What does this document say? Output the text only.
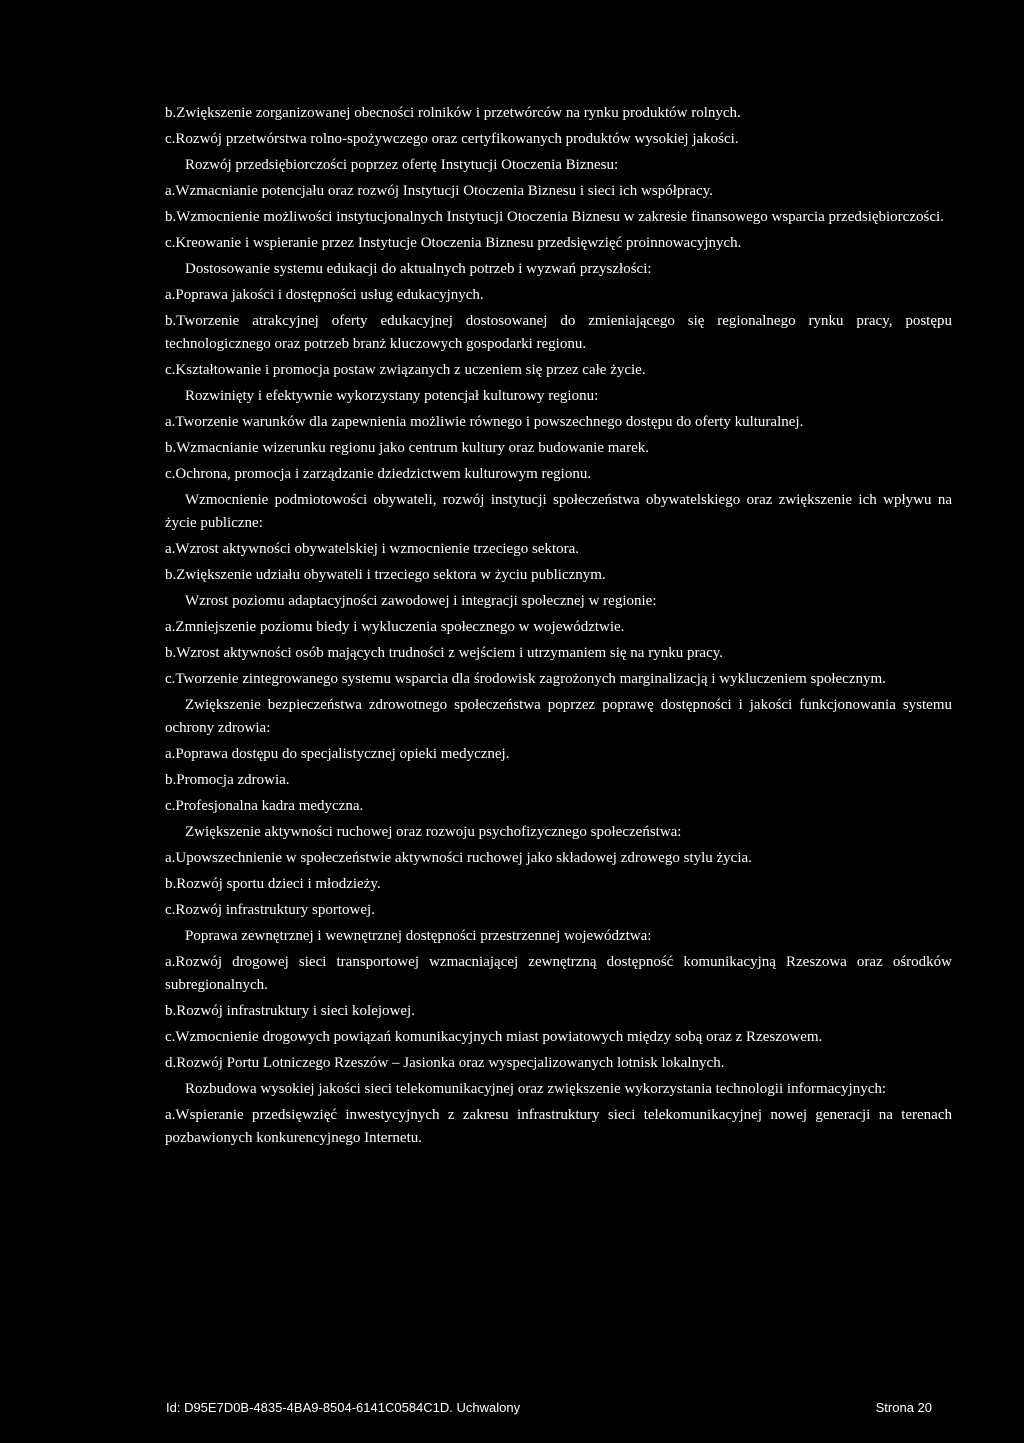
b.Zwiększenie zorganizowanej obecności rolników i przetwórców na rynku produktów rolnych.
c.Rozwój przetwórstwa rolno-spożywczego oraz certyfikowanych produktów wysokiej jakości.
Rozwój przedsiębiorczości poprzez ofertę Instytucji Otoczenia Biznesu:
a.Wzmacnianie potencjału oraz rozwój Instytucji Otoczenia Biznesu i sieci ich współpracy.
b.Wzmocnienie możliwości instytucjonalnych Instytucji Otoczenia Biznesu w zakresie finansowego wsparcia przedsiębiorczości.
c.Kreowanie i wspieranie przez Instytucje Otoczenia Biznesu przedsięwzięć proinnowacyjnych.
Dostosowanie systemu edukacji do aktualnych potrzeb i wyzwań przyszłości:
a.Poprawa jakości i dostępności usług edukacyjnych.
b.Tworzenie atrakcyjnej oferty edukacyjnej dostosowanej do zmieniającego się regionalnego rynku pracy, postępu technologicznego oraz potrzeb branż kluczowych gospodarki regionu.
c.Kształtowanie i promocja postaw związanych z uczeniem się przez całe życie.
Rozwinięty i efektywnie wykorzystany potencjał kulturowy regionu:
a.Tworzenie warunków dla zapewnienia możliwie równego i powszechnego dostępu do oferty kulturalnej.
b.Wzmacnianie wizerunku regionu jako centrum kultury oraz budowanie marek.
c.Ochrona, promocja i zarządzanie dziedzictwem kulturowym regionu.
Wzmocnienie podmiotowości obywateli, rozwój instytucji społeczeństwa obywatelskiego oraz zwiększenie ich wpływu na życie publiczne:
a.Wzrost aktywności obywatelskiej i wzmocnienie trzeciego sektora.
b.Zwiększenie udziału obywateli i trzeciego sektora w życiu publicznym.
Wzrost poziomu adaptacyjności zawodowej i integracji społecznej w regionie:
a.Zmniejszenie poziomu biedy i wykluczenia społecznego w województwie.
b.Wzrost aktywności osób mających trudności z wejściem i utrzymaniem się na rynku pracy.
c.Tworzenie zintegrowanego systemu wsparcia dla środowisk zagrożonych marginalizacją i wykluczeniem społecznym.
Zwiększenie bezpieczeństwa zdrowotnego społeczeństwa poprzez poprawę dostępności i jakości funkcjonowania systemu ochrony zdrowia:
a.Poprawa dostępu do specjalistycznej opieki medycznej.
b.Promocja zdrowia.
c.Profesjonalna kadra medyczna.
Zwiększenie aktywności ruchowej oraz rozwoju psychofizycznego społeczeństwa:
a.Upowszechnienie w społeczeństwie aktywności ruchowej jako składowej zdrowego stylu życia.
b.Rozwój sportu dzieci i młodzieży.
c.Rozwój infrastruktury sportowej.
Poprawa zewnętrznej i wewnętrznej dostępności przestrzennej województwa:
a.Rozwój drogowej sieci transportowej wzmacniającej zewnętrzną dostępność komunikacyjną Rzeszowa oraz ośrodków subregionalnych.
b.Rozwój infrastruktury i sieci kolejowej.
c.Wzmocnienie drogowych powiązań komunikacyjnych miast powiatowych między sobą oraz z Rzeszowem.
d.Rozwój Portu Lotniczego Rzeszów – Jasionka oraz wyspecjalizowanych lotnisk lokalnych.
Rozbudowa wysokiej jakości sieci telekomunikacyjnej oraz zwiększenie wykorzystania technologii informacyjnych:
a.Wspieranie przedsięwzięć inwestycyjnych z zakresu infrastruktury sieci telekomunikacyjnej nowej generacji na terenach pozbawionych konkurencyjnego Internetu.
Id: D95E7D0B-4835-4BA9-8504-6141C0584C1D. Uchwalony	Strona 20
